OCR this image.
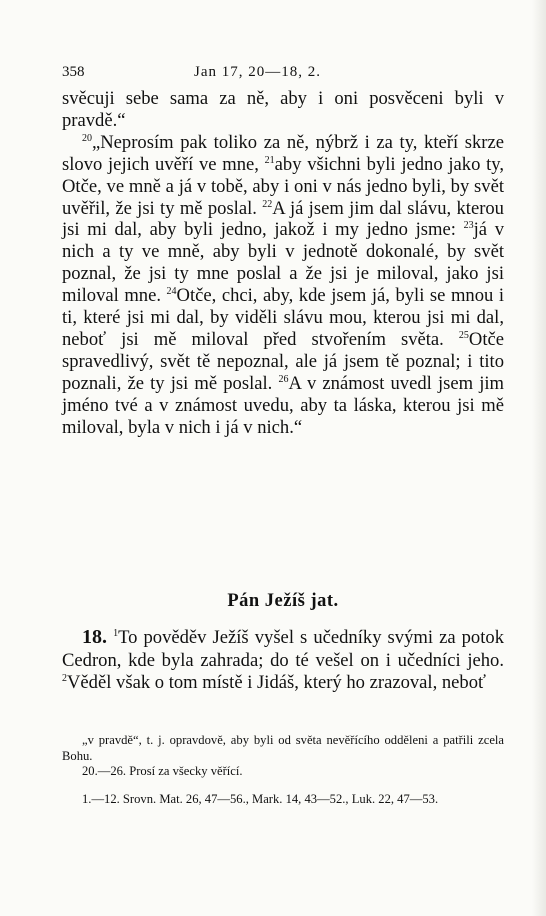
358	Jan 17, 20—18, 2.

svěcuji sebe sama za ně, aby i oni posvěceni byli v pravdě.“

$^{20}$„Neprosím pak toliko za ně, nýbrž i za ty, kteří skrze slovo jejich uvěří ve mne, $^{21}$aby všichni byli jedno jako ty, Otče, ve mně a já v tobě, aby i oni v nás jedno byli, by svět uvěřil, že jsi ty mě poslal. $^{22}$A já jsem jim dal slávu, kterou jsi mi dal, aby byli jedno, jakož i my jedno jsme: $^{23}$já v nich a ty ve mně, aby byli v jednotě dokonalé, by svět poznal, že jsi ty mne poslal a že jsi je miloval, jako jsi miloval mne. $^{24}$Otče, chci, aby, kde jsem já, byli se mnou i ti, které jsi mi dal, by viděli slávu mou, kterou jsi mi dal, neboť jsi mě miloval před stvořením světa. $^{25}$Otče spravedlivý, svět tě nepoznal, ale já jsem tě poznal; i tito poznali, že ty jsi mě poslal. $^{26}$A v známost uvedl jsem jim jméno tvé a v známost uvedu, aby ta láska, kterou jsi mě miloval, byla v nich i já v nich.“

Pán Ježíš jat.

18. $^1$To pověděv Ježíš vyšel s učedníky svými za potok Cedron, kde byla zahrada; do té vešel on i učedníci jeho. $^2$Věděl však o tom místě i Jidáš, který ho zrazoval, neboť

„v pravdě“, t. j. opravdově, aby byli od světa nevěřícího odděleni a patřili zcela Bohu.

20.—26. Prosí za všecky věřící.

1.—12. Srovn. Mat. 26, 47—56., Mark. 14, 43—52., Luk. 22, 47—53.
